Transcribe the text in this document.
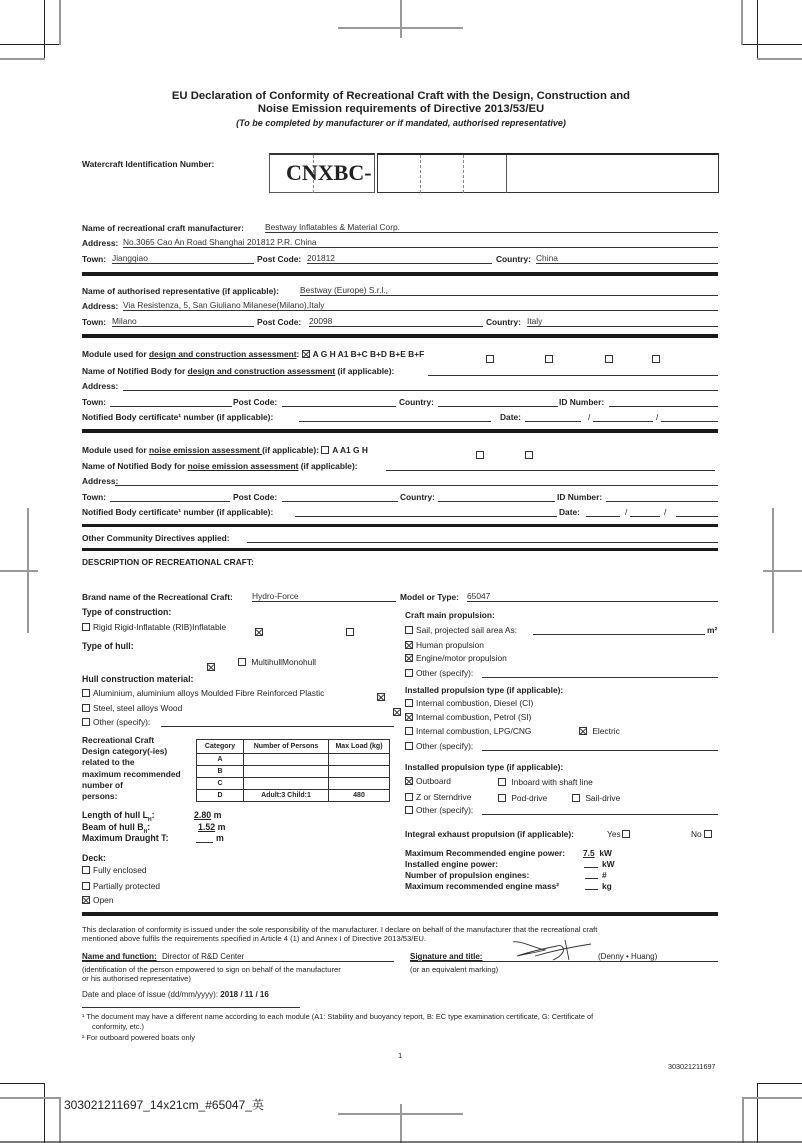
EU Declaration of Conformity of Recreational Craft with the Design, Construction and
Noise Emission requirements of Directive 2013/53/EU
(To be completed by manufacturer or if mandated, authorised representative)
Watercraft Identification Number:	CNXBC-
Name of recreational craft manufacturer:	Bestway Inflatables & Material Corp.
Address: No.3065 Cao An Road Shanghai 201812 P.R. China
Town: Jiangqiao	Post Code: 201812	Country: China
Name of authorised representative (if applicable):	Bestway (Europe) S.r.l.,
Address: Via Resistenza, 5, San Giuliano Milanese(Milano),Italy
Town: Milano	Post Code: 20098	Country: Italy
Module used for design and construction assessment: A G H A1 B+C B+D B+E B+F

Name of Notified Body for design and construction assessment (if applicable):
Address:
Town:	Post Code:	Country:	ID Number:
Notified Body certificate¹ number (if applicable):	Date:	/	/
Module used for noise emission assessment (if applicable): A A1 G H

Name of Notified Body for noise emission assessment (if applicable):
Address:
Town:	Post Code:	Country:	ID Number:
Notified Body certificate¹ number (if applicable):	Date:	/	/
Other Community Directives applied:
DESCRIPTION OF RECREATIONAL CRAFT:
Brand name of the Recreational Craft: Hydro-Force
Type of construction:
Rigid Rigid-Inflatable (RIB)Inflatable

Type of hull:

MultihullMonohull
Hull construction material:
Aluminium, aluminium alloys Moulded Fibre Reinforced Plastic

Steel, steel alloys Wood
Other (specify):
Recreational Craft
Design category(-ies)
related to the
maximum recommended
number of
persons:
Category	Number of Persons	Max Load (kg)
A		
B		
C		
D	Adult:3 Child:1	480
Length of hull $L_H$:	2.80 m
Beam of hull $B_H$:	1.52 m
Maximum Draught T:	m
Deck:
Fully enclosed
Partially protected
Open
Model or Type: 65047
Craft main propulsion:
Sail, projected sail area As:	m²
Human propulsion
Engine/motor propulsion
Other (specify):
Installed propulsion type (if applicable):
Internal combustion, Diesel (CI)
Internal combustion, Petrol (SI)
Internal combustion, LPG/CNG	Electric
Other (specify):
Installed propulsion type (if applicable):
Outboard	Inboard with shaft line
Z or Sterndrive	Pod-drive	Sail-drive
Other (specify):
Integral exhaust propulsion (if applicable):	Yes	No
Maximum Recommended engine power: 7.5 kW
Installed engine power:	kW
Number of propulsion engines:	#
Maximum recommended engine mass²	kg
This declaration of conformity is issued under the sole responsibility of the manufacturer. I declare on behalf of the manufacturer that the recreational craft
mentioned above fulfils the requirements specified in Article 4 (1) and Annex I of Directive 2013/53/EU.
Name and function: Director of R&D Center	Signature and title:	(Denny • Huang)
(identification of the person empowered to sign on behalf of the manufacturer
or his authorised representative)
(or an equivalent marking)
Date and place of issue (dd/mm/yyyy): 2018 / 11 / 16
¹ The document may have a different name according to each module (A1: Stability and buoyancy report, B: EC type examination certificate, G: Certificate of
conformity, etc.)
² For outboard powered boats only
1
303021211697
303021211697_14x21cm_#65047_英
